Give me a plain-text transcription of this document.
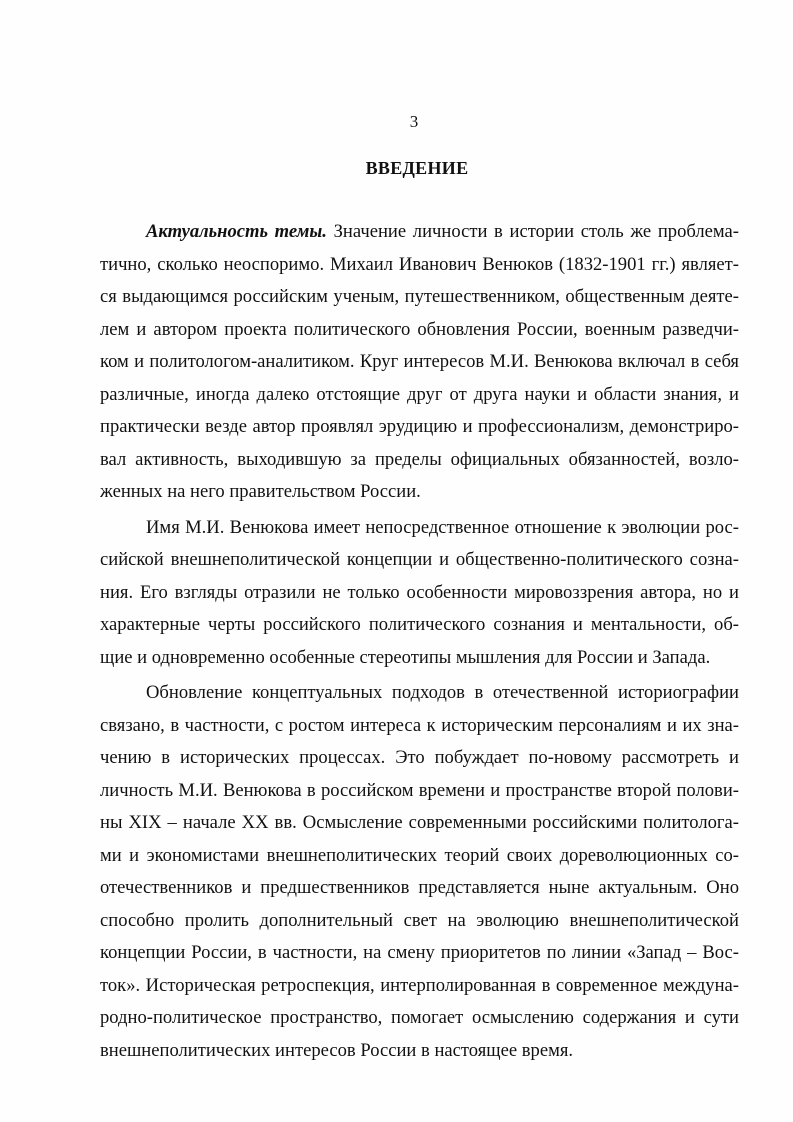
3
ВВЕДЕНИЕ

Актуальность темы. Значение личности в истории столь же проблематично, сколько неоспоримо. Михаил Иванович Венюков (1832-1901 гг.) является выдающимся российским ученым, путешественником, общественным деятелем и автором проекта политического обновления России, военным разведчиком и политологом-аналитиком. Круг интересов М.И. Венюкова включал в себя различные, иногда далеко отстоящие друг от друга науки и области знания, и практически везде автор проявлял эрудицию и профессионализм, демонстрировал активность, выходившую за пределы официальных обязанностей, возложенных на него правительством России.

Имя М.И. Венюкова имеет непосредственное отношение к эволюции российской внешнеполитической концепции и общественно-политического сознания. Его взгляды отразили не только особенности мировоззрения автора, но и характерные черты российского политического сознания и ментальности, общие и одновременно особенные стереотипы мышления для России и Запада.

Обновление концептуальных подходов в отечественной историографии связано, в частности, с ростом интереса к историческим персоналиям и их значению в исторических процессах. Это побуждает по-новому рассмотреть и личность М.И. Венюкова в российском времени и пространстве второй половины XIX – начале XX вв. Осмысление современными российскими политологами и экономистами внешнеполитических теорий своих дореволюционных соотечественников и предшественников представляется ныне актуальным. Оно способно пролить дополнительный свет на эволюцию внешнеполитической концепции России, в частности, на смену приоритетов по линии «Запад – Восток». Историческая ретроспекция, интерполированная в современное международно-политическое пространство, помогает осмыслению содержания и сути внешнеполитических интересов России в настоящее время.
